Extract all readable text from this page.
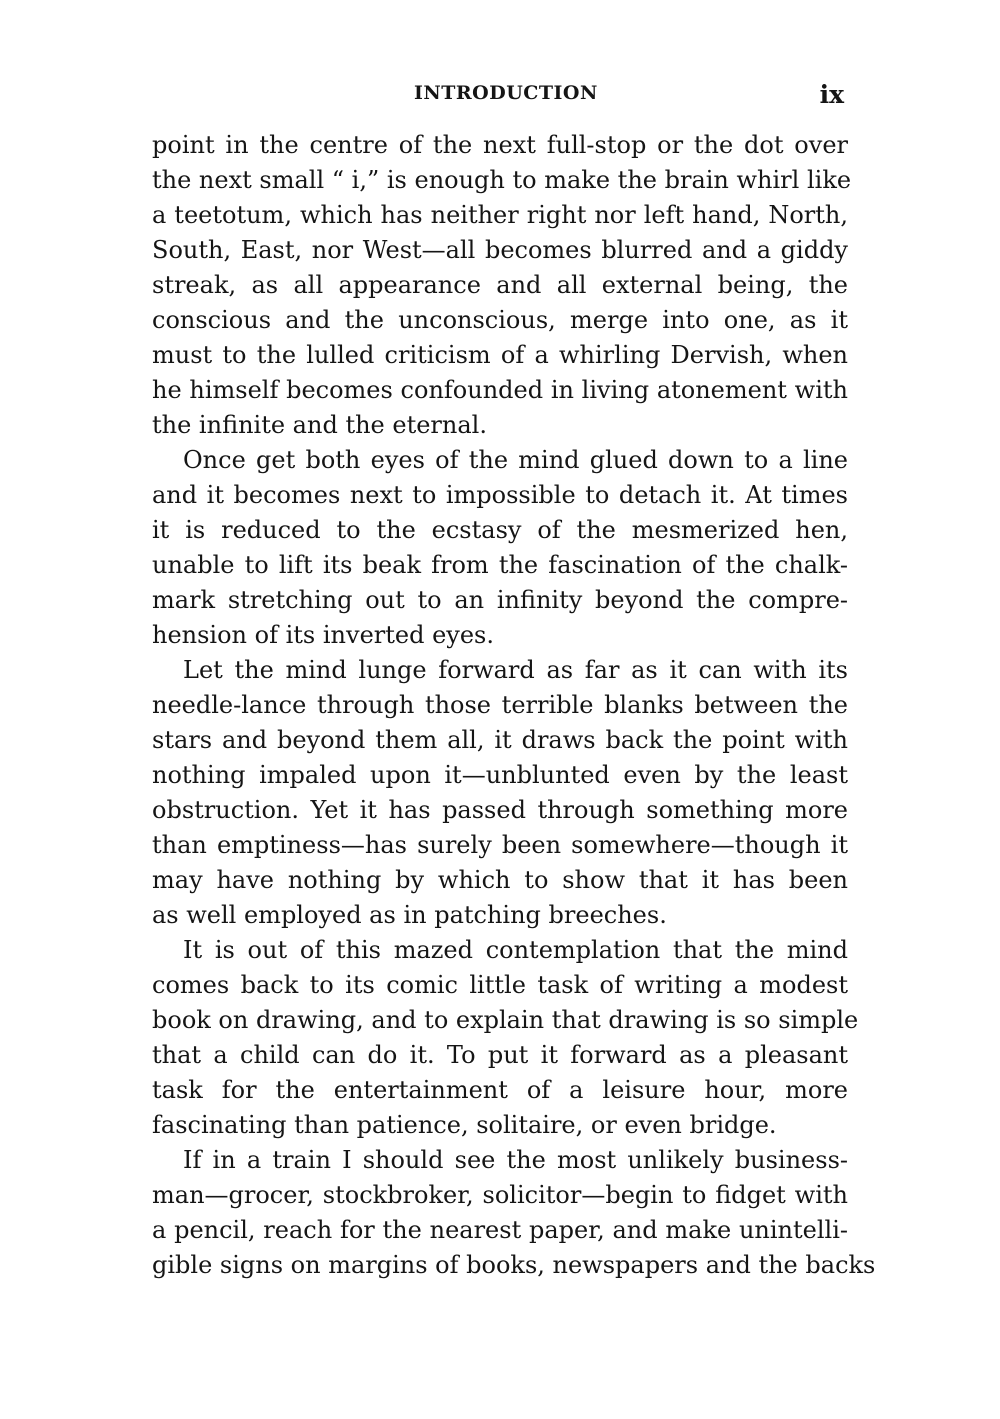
INTRODUCTION	ix
point in the centre of the next full-stop or the dot over
the next small “ i,” is enough to make the brain whirl like
a teetotum, which has neither right nor left hand, North,
South, East, nor West—all becomes blurred and a giddy
streak, as all appearance and all external being, the
conscious and the unconscious, merge into one, as it
must to the lulled criticism of a whirling Dervish, when
he himself becomes confounded in living atonement with
the infinite and the eternal.
Once get both eyes of the mind glued down to a line
and it becomes next to impossible to detach it. At times
it is reduced to the ecstasy of the mesmerized hen,
unable to lift its beak from the fascination of the chalk-
mark stretching out to an infinity beyond the compre-
hension of its inverted eyes.
Let the mind lunge forward as far as it can with its
needle-lance through those terrible blanks between the
stars and beyond them all, it draws back the point with
nothing impaled upon it—unblunted even by the least
obstruction. Yet it has passed through something more
than emptiness—has surely been somewhere—though it
may have nothing by which to show that it has been
as well employed as in patching breeches.
It is out of this mazed contemplation that the mind
comes back to its comic little task of writing a modest
book on drawing, and to explain that drawing is so simple
that a child can do it. To put it forward as a pleasant
task for the entertainment of a leisure hour, more
fascinating than patience, solitaire, or even bridge.
If in a train I should see the most unlikely business-
man—grocer, stockbroker, solicitor—begin to fidget with
a pencil, reach for the nearest paper, and make unintelli-
gible signs on margins of books, newspapers and the backs
